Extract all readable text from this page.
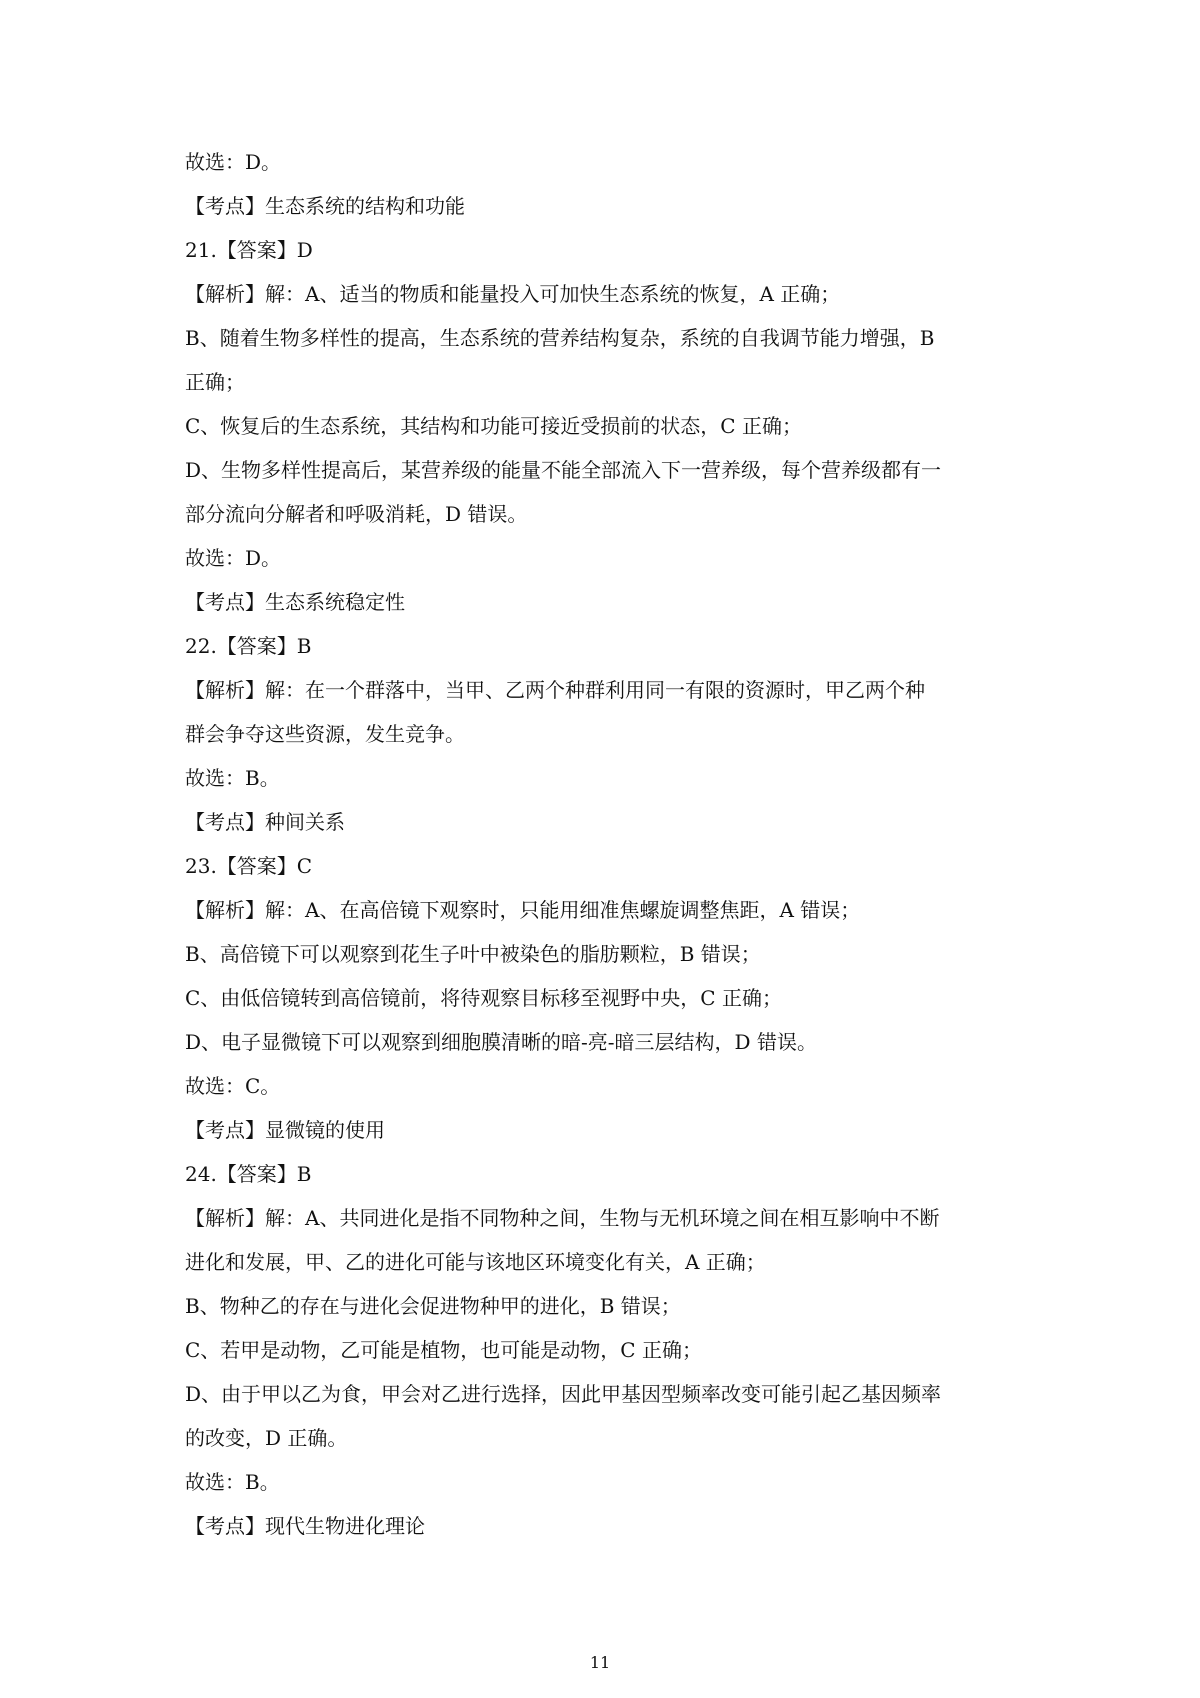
故选：D。
【考点】生态系统的结构和功能
21.【答案】D
【解析】解：A、适当的物质和能量投入可加快生态系统的恢复，A 正确；
B、随着生物多样性的提高，生态系统的营养结构复杂，系统的自我调节能力增强，B
正确；
C、恢复后的生态系统，其结构和功能可接近受损前的状态，C 正确；
D、生物多样性提高后，某营养级的能量不能全部流入下一营养级，每个营养级都有一
部分流向分解者和呼吸消耗，D 错误。
故选：D。
【考点】生态系统稳定性
22.【答案】B
【解析】解：在一个群落中，当甲、乙两个种群利用同一有限的资源时，甲乙两个种
群会争夺这些资源，发生竞争。
故选：B。
【考点】种间关系
23.【答案】C
【解析】解：A、在高倍镜下观察时，只能用细准焦螺旋调整焦距，A 错误；
B、高倍镜下可以观察到花生子叶中被染色的脂肪颗粒，B 错误；
C、由低倍镜转到高倍镜前，将待观察目标移至视野中央，C 正确；
D、电子显微镜下可以观察到细胞膜清晰的暗-亮-暗三层结构，D 错误。
故选：C。
【考点】显微镜的使用
24.【答案】B
【解析】解：A、共同进化是指不同物种之间，生物与无机环境之间在相互影响中不断
进化和发展，甲、乙的进化可能与该地区环境变化有关，A 正确；
B、物种乙的存在与进化会促进物种甲的进化，B 错误；
C、若甲是动物，乙可能是植物，也可能是动物，C 正确；
D、由于甲以乙为食，甲会对乙进行选择，因此甲基因型频率改变可能引起乙基因频率
的改变，D 正确。
故选：B。
【考点】现代生物进化理论
11
